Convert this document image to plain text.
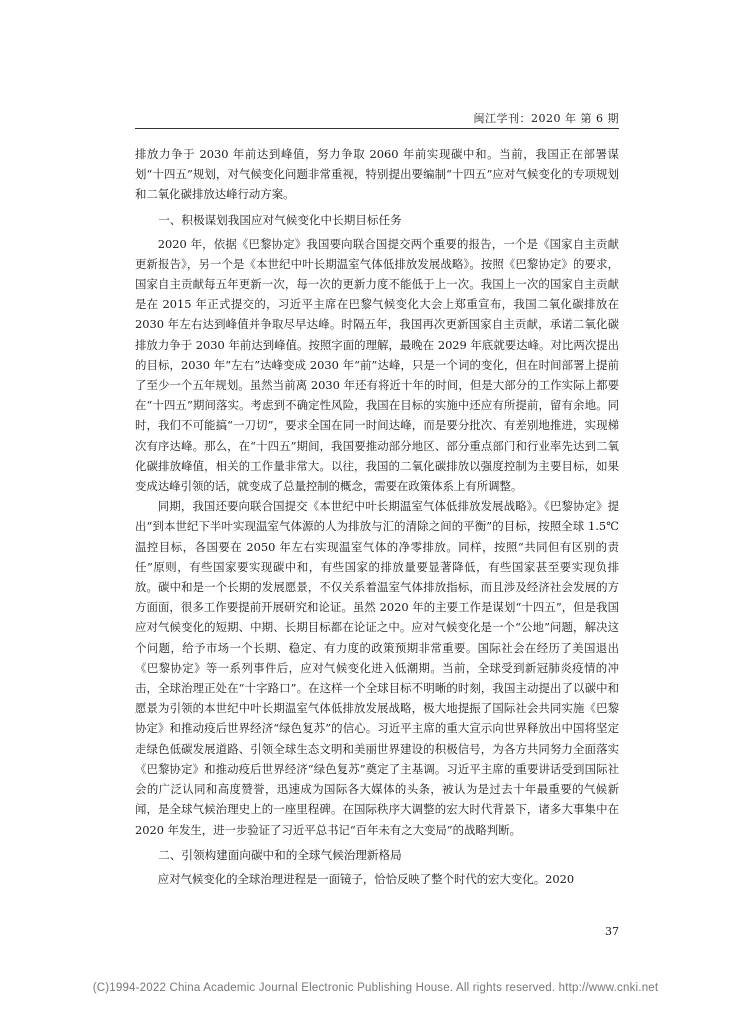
闽江学刊：2020 年 第 6 期

排放力争于 2030 年前达到峰值，努力争取 2060 年前实现碳中和。当前，我国正在部署谋划“十四五”规划，对气候变化问题非常重视，特别提出要编制“十四五”应对气候变化的专项规划和二氧化碳排放达峰行动方案。

一、积极谋划我国应对气候变化中长期目标任务

2020 年，依据《巴黎协定》我国要向联合国提交两个重要的报告，一个是《国家自主贡献更新报告》，另一个是《本世纪中叶长期温室气体低排放发展战略》。按照《巴黎协定》的要求，国家自主贡献每五年更新一次，每一次的更新力度不能低于上一次。我国上一次的国家自主贡献是在 2015 年正式提交的，习近平主席在巴黎气候变化大会上郑重宣布，我国二氧化碳排放在 2030 年左右达到峰值并争取尽早达峰。时隔五年，我国再次更新国家自主贡献，承诺二氧化碳排放力争于 2030 年前达到峰值。按照字面的理解，最晚在 2029 年底就要达峰。对比两次提出的目标，2030 年“左右”达峰变成 2030 年“前”达峰，只是一个词的变化，但在时间部署上提前了至少一个五年规划。虽然当前离 2030 年还有将近十年的时间，但是大部分的工作实际上都要在“十四五”期间落实。考虑到不确定性风险，我国在目标的实施中还应有所提前，留有余地。同时，我们不可能搞“一刀切”，要求全国在同一时间达峰，而是要分批次、有差别地推进，实现梯次有序达峰。那么，在“十四五”期间，我国要推动部分地区、部分重点部门和行业率先达到二氧化碳排放峰值，相关的工作量非常大。以往，我国的二氧化碳排放以强度控制为主要目标，如果变成达峰引领的话，就变成了总量控制的概念，需要在政策体系上有所调整。

同期，我国还要向联合国提交《本世纪中叶长期温室气体低排放发展战略》。《巴黎协定》提出“到本世纪下半叶实现温室气体源的人为排放与汇的清除之间的平衡”的目标，按照全球 1.5℃ 温控目标，各国要在 2050 年左右实现温室气体的净零排放。同样，按照“共同但有区别的责任”原则，有些国家要实现碳中和，有些国家的排放量要显著降低，有些国家甚至要实现负排放。碳中和是一个长期的发展愿景，不仅关系着温室气体排放指标，而且涉及经济社会发展的方方面面，很多工作要提前开展研究和论证。虽然 2020 年的主要工作是谋划“十四五”，但是我国应对气候变化的短期、中期、长期目标都在论证之中。应对气候变化是一个“公地”问题，解决这个问题，给予市场一个长期、稳定、有力度的政策预期非常重要。国际社会在经历了美国退出《巴黎协定》等一系列事件后，应对气候变化进入低潮期。当前，全球受到新冠肺炎疫情的冲击，全球治理正处在“十字路口”。在这样一个全球目标不明晰的时刻，我国主动提出了以碳中和愿景为引领的本世纪中叶长期温室气体低排放发展战略，极大地提振了国际社会共同实施《巴黎协定》和推动疫后世界经济“绿色复苏”的信心。习近平主席的重大宣示向世界释放出中国将坚定走绿色低碳发展道路、引领全球生态文明和美丽世界建设的积极信号，为各方共同努力全面落实《巴黎协定》和推动疫后世界经济“绿色复苏”奠定了主基调。习近平主席的重要讲话受到国际社会的广泛认同和高度赞誉，迅速成为国际各大媒体的头条，被认为是过去十年最重要的气候新闻，是全球气候治理史上的一座里程碑。在国际秩序大调整的宏大时代背景下，诸多大事集中在 2020 年发生，进一步验证了习近平总书记“百年未有之大变局”的战略判断。

二、引领构建面向碳中和的全球气候治理新格局

应对气候变化的全球治理进程是一面镜子，恰恰反映了整个时代的宏大变化。2020

37
(C)1994-2022 China Academic Journal Electronic Publishing House. All rights reserved. http://www.cnki.net
